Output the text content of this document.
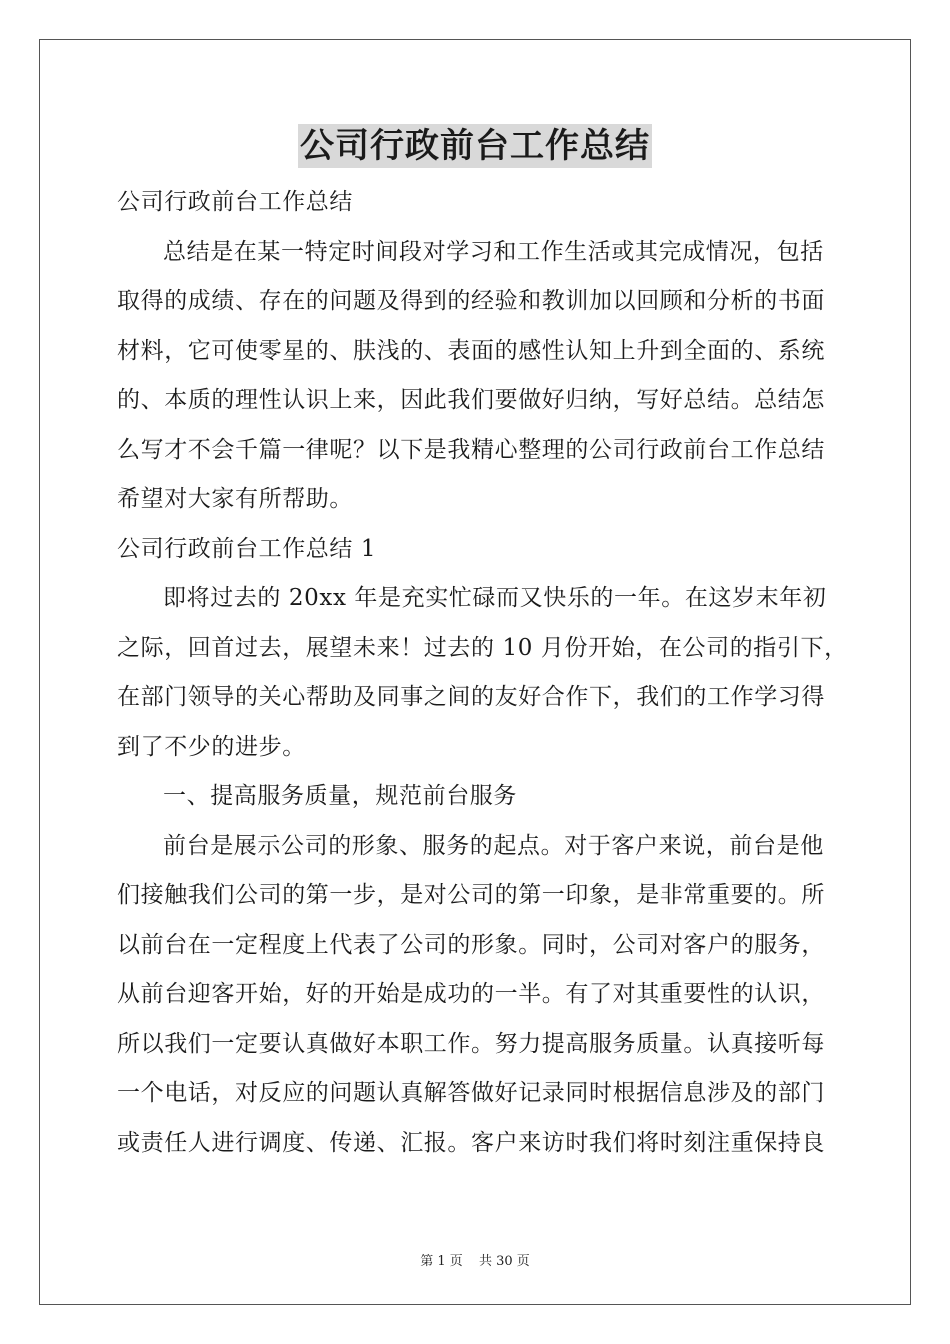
公司行政前台工作总结
公司行政前台工作总结
总结是在某一特定时间段对学习和工作生活或其完成情况，包括
取得的成绩、存在的问题及得到的经验和教训加以回顾和分析的书面
材料，它可使零星的、肤浅的、表面的感性认知上升到全面的、系统
的、本质的理性认识上来，因此我们要做好归纳，写好总结。总结怎
么写才不会千篇一律呢？以下是我精心整理的公司行政前台工作总结
希望对大家有所帮助。
公司行政前台工作总结 1
即将过去的 20xx 年是充实忙碌而又快乐的一年。在这岁末年初
之际，回首过去，展望未来！过去的 10 月份开始，在公司的指引下，
在部门领导的关心帮助及同事之间的友好合作下，我们的工作学习得
到了不少的进步。
一、提高服务质量，规范前台服务
前台是展示公司的形象、服务的起点。对于客户来说，前台是他
们接触我们公司的第一步，是对公司的第一印象，是非常重要的。所
以前台在一定程度上代表了公司的形象。同时，公司对客户的服务，
从前台迎客开始，好的开始是成功的一半。有了对其重要性的认识，
所以我们一定要认真做好本职工作。努力提高服务质量。认真接听每
一个电话，对反应的问题认真解答做好记录同时根据信息涉及的部门
或责任人进行调度、传递、汇报。客户来访时我们将时刻注重保持良
第 1 页 共 30 页
